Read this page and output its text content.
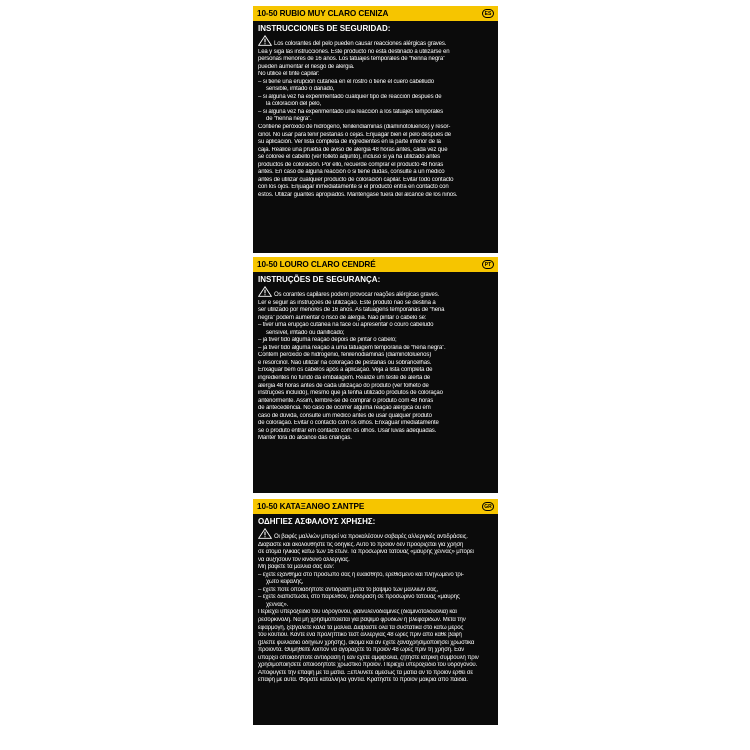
10-50 RUBIO MUY CLARO CENIZA	ES
INSTRUCCIONES DE SEGURIDAD:
Los colorantes del pelo pueden causar reacciones alérgicas graves.
Lea y siga las instrucciones. Este producto no está destinado a utilizarse en
personas menores de 16 años. Los tatuajes temporales de “henna negra”
pueden aumentar el riesgo de alergia.
No utilice el tinte capilar:
– si tiene una erupción cutánea en el rostro o tiene el cuero cabelludo
sensible, irritado o dañado,
– si alguna vez ha experimentado cualquier tipo de reacción después de
la coloración del pelo,
– si alguna vez ha experimentado una reacción a los tatuajes temporales
de “henna negra”.
Contiene peróxido de hidrógeno, fenilendiaminas (diaminotoluenos) y resor-
cinol. No usar para teñir pestañas o cejas. Enjuagar bien el pelo después de
su aplicación. Ver lista completa de ingredientes en la parte inferior de la
caja. Realice una prueba de aviso de alergia 48 horas antes, cada vez que
se coloree el cabello (ver folleto adjunto), incluso si ya ha utilizado antes
productos de coloración. Por ello, recuerde comprar el producto 48 horas
antes. En caso de alguna reacción o si tiene dudas, consulte a un médico
antes de utilizar cualquier producto de coloración capilar. Evitar todo contacto
con los ojos. Enjuagar inmediatamente si el producto entra en contacto con
éstos. Utilizar guantes apropiados. Manténgase fuera del alcance de los niños.
10-50 LOURO CLARO CENDRÉ	PT
INSTRUÇÕES DE SEGURANÇA:
Os corantes capilares podem provocar reações alérgicas graves.
Ler e seguir as instruções de utilização. Este produto não se destina a
ser utilizado por menores de 16 anos. As tatuagens temporárias de “hena
negra” podem aumentar o risco de alergia. Não pintar o cabelo se:
– tiver uma erupção cutânea na face ou apresentar o couro cabeludo
sensível, irritado ou danificado;
– já tiver tido alguma reação depois de pintar o cabelo;
– já tiver tido alguma reação a uma tatuagem temporária de “hena negra”.
Contém peróxido de hidrogénio, fenilenodiaminas (diaminotoluenos)
e resorcinol. Não utilizar na coloração de pestanas ou sobrancelhas.
Enxaguar bem os cabelos após a aplicação. Veja a lista completa de
ingredientes no fundo da embalagem. Realize um teste de alerta de
alergia 48 horas antes de cada utilização do produto (ver folheto de
instruções incluído), mesmo que já tenha utilizado produtos de coloração
anteriormente. Assim, lembre-se de comprar o produto com 48 horas
de antecedência. No caso de ocorrer alguma reação alérgica ou em
caso de dúvida, consulte um médico antes de usar qualquer produto
de coloração. Evitar o contacto com os olhos. Enxaguar imediatamente
se o produto entrar em contacto com os olhos. Usar luvas adequadas.
Manter fora do alcance das crianças.
10-50 ΚΑΤΑΞΑΝΘΟ ΣΑΝΤΡΕ	GR
ΟΔΗΓΙΕΣ ΑΣΦΑΛΟΥΣ ΧΡΗΣΗΣ:
Οι βαφές μαλλιών μπορεί να προκαλέσουν σοβαρές αλλεργικές αντιδράσεις.
Διαβάστε και ακολουθήστε τις οδηγίες. Αυτό το προϊόν δεν προορίζεται για χρήση
σε άτομα ηλικίας κάτω των 16 ετών. Τα προσωρινά τατουάζ «μαύρης χέννας» μπορεί
να αυξήσουν τον κίνδυνο αλλεργίας.
Μη βάφετε τα μαλλιά σας εάν:
– έχετε εξάνθημα στο πρόσωπο σας ή ευαίσθητο, ερεθισμένο και πληγωμένο τρι-
χωτό κεφαλής,
– έχετε ποτέ οποιαδήποτε αντίδραση μετά το βάψιμο των μαλλιών σας,
– έχετε διαπιστώσει, στο παρελθόν, αντίδραση σε προσωρινό τατουάζ «μαύρης
χέννας».
Περιέχει υπεροξείδιο του υδρογόνου, φαινυλενοδιαμίνες (διαμινοτολουόλια) και
ρεσορκινόλη. Να μη χρησιμοποιείται για βάψιμο φρυδιών ή βλεφαρίδων. Μετά την
εφαρμογή, ξεβγάλετε καλά τα μαλλιά. Διαβάστε όλα τα συστατικά στο κάτω μέρος
του κουτιού. Κάντε ένα προληπτικό τεστ αλλεργίας 48 ώρες πριν από κάθε βαφή
(βλέπε φυλλάδιο οδηγιών χρήσης), ακόμα και αν έχετε ξαναχρησιμοποιήσει χρωστικά
προϊόντα. Θυμηθείτε λοιπόν να αγοράζετε το προϊόν 48 ώρες πριν τη χρήση. Εάν
υπάρξει οποιαδήποτε αντίδραση ή εάν έχετε αμφιβολία, ζητήστε ιατρική συμβουλή πριν
χρησιμοποιήσετε οποιοδήποτε χρωστικό προϊόν. Περιέχει υπεροξείδιο του υδρογόνου.
Αποφύγετε την επαφή με τα μάτια. Ξεπλύνετε αμέσως τα μάτια αν το προϊόν έρθει σε
επαφή με αυτά. Φοράτε κατάλληλα γάντια. Κρατήστε το προϊόν μακριά από παιδιά.
